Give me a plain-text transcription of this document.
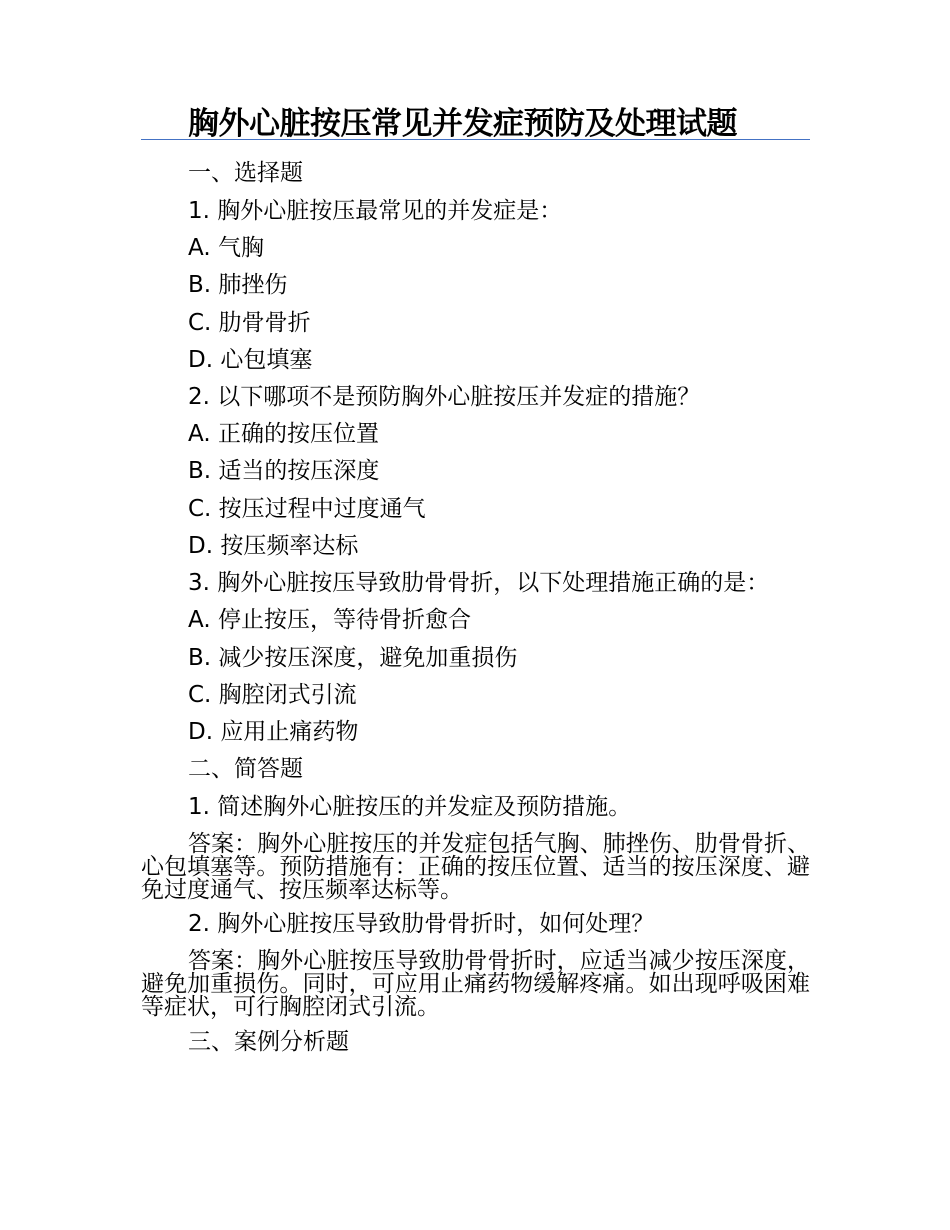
胸外心脏按压常见并发症预防及处理试题
一、选择题
1. 胸外心脏按压最常见的并发症是：
A. 气胸
B. 肺挫伤
C. 肋骨骨折
D. 心包填塞
2. 以下哪项不是预防胸外心脏按压并发症的措施？
A. 正确的按压位置
B. 适当的按压深度
C. 按压过程中过度通气
D. 按压频率达标
3. 胸外心脏按压导致肋骨骨折，以下处理措施正确的是：
A. 停止按压，等待骨折愈合
B. 减少按压深度，避免加重损伤
C. 胸腔闭式引流
D. 应用止痛药物
二、简答题
1. 简述胸外心脏按压的并发症及预防措施。
答案：胸外心脏按压的并发症包括气胸、肺挫伤、肋骨骨折、心包填塞等。预防措施有：正确的按压位置、适当的按压深度、避免过度通气、按压频率达标等。
2. 胸外心脏按压导致肋骨骨折时，如何处理？
答案：胸外心脏按压导致肋骨骨折时，应适当减少按压深度，避免加重损伤。同时，可应用止痛药物缓解疼痛。如出现呼吸困难等症状，可行胸腔闭式引流。
三、案例分析题
